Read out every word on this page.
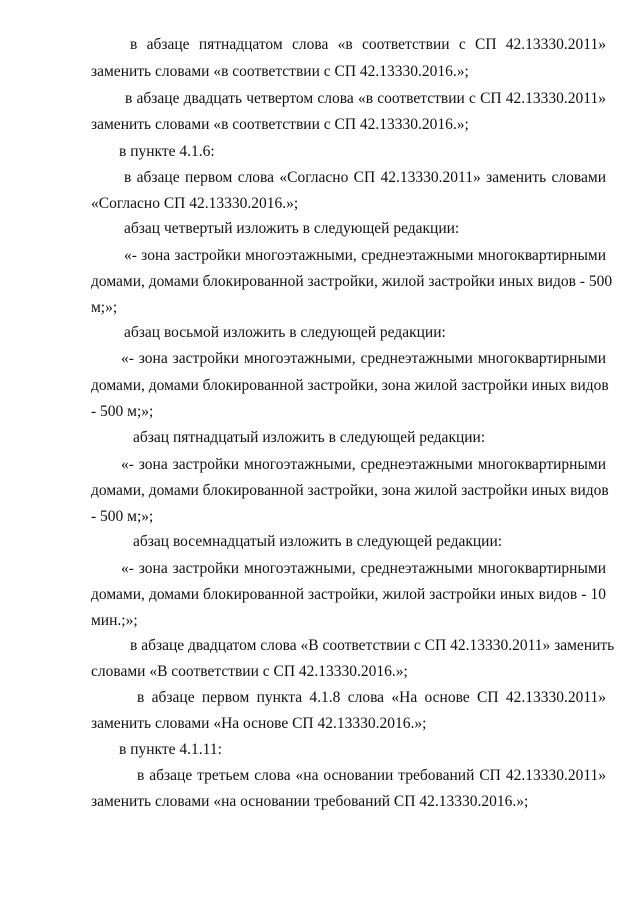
в абзаце пятнадцатом слова «в соответствии с СП 42.13330.2011»
заменить словами «в соответствии с СП 42.13330.2016.»;
в абзаце двадцать четвертом слова «в соответствии с СП 42.13330.2011»
заменить словами «в соответствии с СП 42.13330.2016.»;
в пункте 4.1.6:
в абзаце первом слова «Согласно СП 42.13330.2011» заменить словами
«Согласно СП 42.13330.2016.»;
абзац четвертый изложить в следующей редакции:
«- зона застройки многоэтажными, среднеэтажными многоквартирными
домами, домами блокированной застройки, жилой застройки иных видов - 500
м;»;
абзац восьмой изложить в следующей редакции:
«- зона застройки многоэтажными, среднеэтажными многоквартирными
домами, домами блокированной застройки, зона жилой застройки иных видов
- 500 м;»;
абзац пятнадцатый изложить в следующей редакции:
«- зона застройки многоэтажными, среднеэтажными многоквартирными
домами, домами блокированной застройки, зона жилой застройки иных видов
- 500 м;»;
абзац восемнадцатый изложить в следующей редакции:
«- зона застройки многоэтажными, среднеэтажными многоквартирными
домами, домами блокированной застройки, жилой застройки иных видов - 10
мин.;»;
в абзаце двадцатом слова «В соответствии с СП 42.13330.2011» заменить
словами «В соответствии с СП 42.13330.2016.»;
в абзаце первом пункта 4.1.8 слова «На основе СП 42.13330.2011»
заменить словами «На основе СП 42.13330.2016.»;
в пункте 4.1.11:
в абзаце третьем слова «на основании требований СП 42.13330.2011»
заменить словами «на основании требований СП 42.13330.2016.»;
